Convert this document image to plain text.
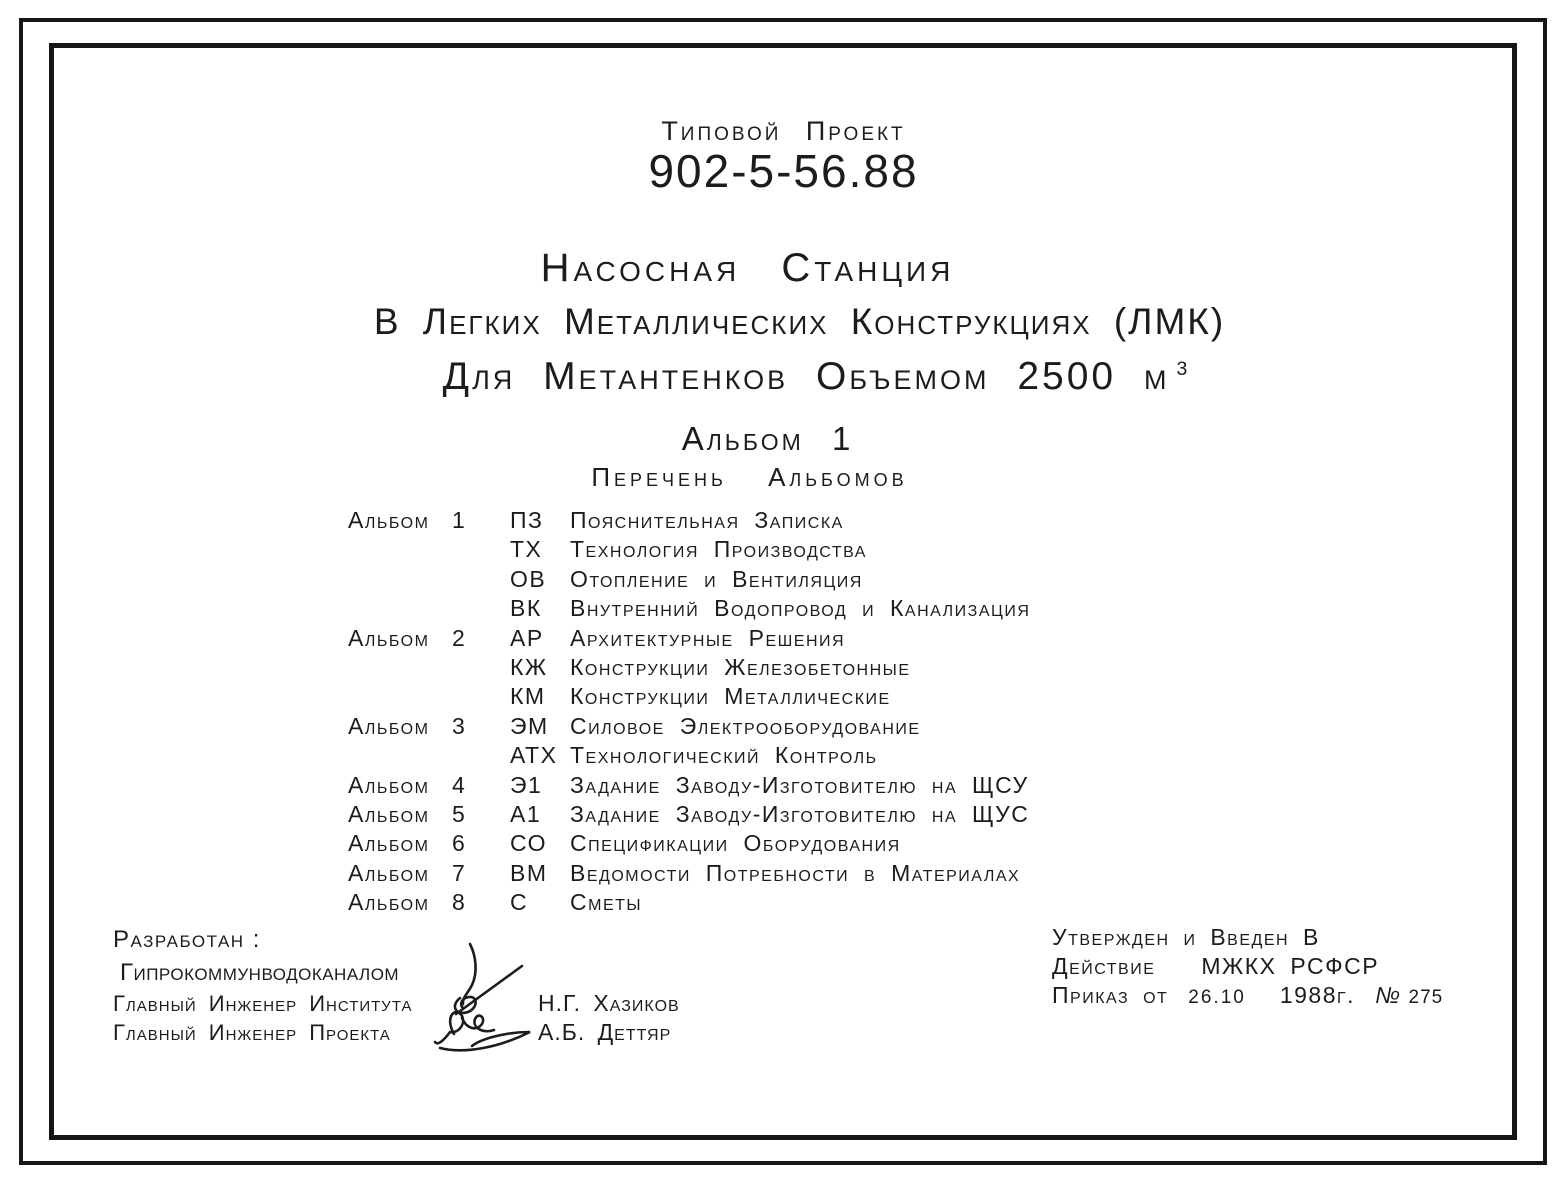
Типовой Проект
902-5-56.88
Насосная Станция
В Легких Металлических Конструкциях (ЛМК)
Для Метантенков Объемом 2500 м $^3$
Альбом 1
Перечень Альбомов
Альбом 1	ПЗ	Пояснительная Записка
ТХ	Технология Производства
ОВ	Отопление и Вентиляция
ВК	Внутренний Водопровод и Канализация
Альбом 2	АР	Архитектурные Решения
КЖ Конструкции Железобетонные
КМ	Конструкции Металлические
Альбом 3	ЭМ Силовое Электрооборудование
АТХ Технологический Контроль
Альбом 4	Э1	Задание Заводу-Изготовителю на ЩСУ
Альбом 5	А1	Задание Заводу-Изготовителю на ЩУС
Альбом 6	СО	Спецификации Оборудования
Альбом 7	ВМ Ведомости Потребности в Материалах
Альбом 8	С	Сметы
Разработан :
Гипрокоммунводоканалом
Главный Инженер Института	Н.Г. Хазиков
Главный Инженер Проекта	А.Б. Деттяр
Утвержден и Введен В
Действие МЖКХ РСФСР
Приказ от 26.10 1988г. № 275
